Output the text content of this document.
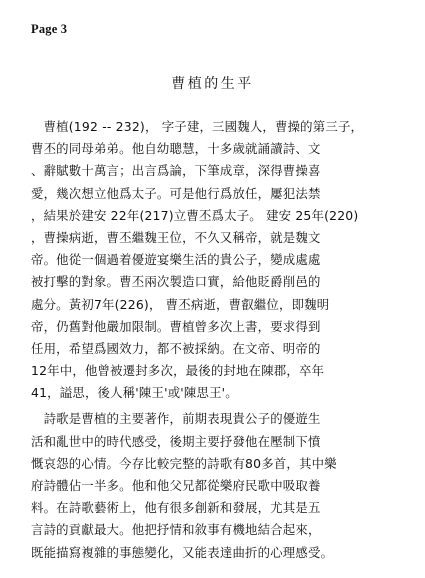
Page 3
曹植的生平
　曹植(192 -- 232)， 字子建，三國魏人，曹操的第三子，
曹丕的同母弟弟。他自幼聰慧，十多歲就誦讀詩、文
、辭賦數十萬言；出言爲論，下筆成章，深得曹操喜
愛，幾次想立他爲太子。可是他行爲放任，屢犯法禁
，結果於建安 22年(217)立曹丕爲太子。 建安 25年(220)
，曹操病逝，曹丕繼魏王位，不久又稱帝，就是魏文
帝。他從一個過着優遊宴樂生活的貴公子，變成處處
被打擊的對象。曹丕兩次製造口實，給他貶爵削邑的
處分。黃初7年(226)， 曹丕病逝，曹叡繼位，即魏明
帝，仍舊對他嚴加限制。曹植曾多次上書，要求得到
任用，希望爲國效力，都不被採納。在文帝、明帝的
12年中，他曾被遷封多次，最後的封地在陳郡，卒年
41，謚思，後人稱'陳王'或'陳思王'。
　詩歌是曹植的主要著作，前期表現貴公子的優遊生
活和亂世中的時代感受，後期主要抒發他在壓制下憤
慨哀怨的心情。今存比較完整的詩歌有80多首，其中樂
府詩體佔一半多。他和他父兄都從樂府民歌中吸取養
料。在詩歌藝術上，他有很多創新和發展，尤其是五
言詩的貢獻最大。他把抒情和敘事有機地結合起來，
既能描寫複雜的事態變化，又能表達曲折的心理感受。
